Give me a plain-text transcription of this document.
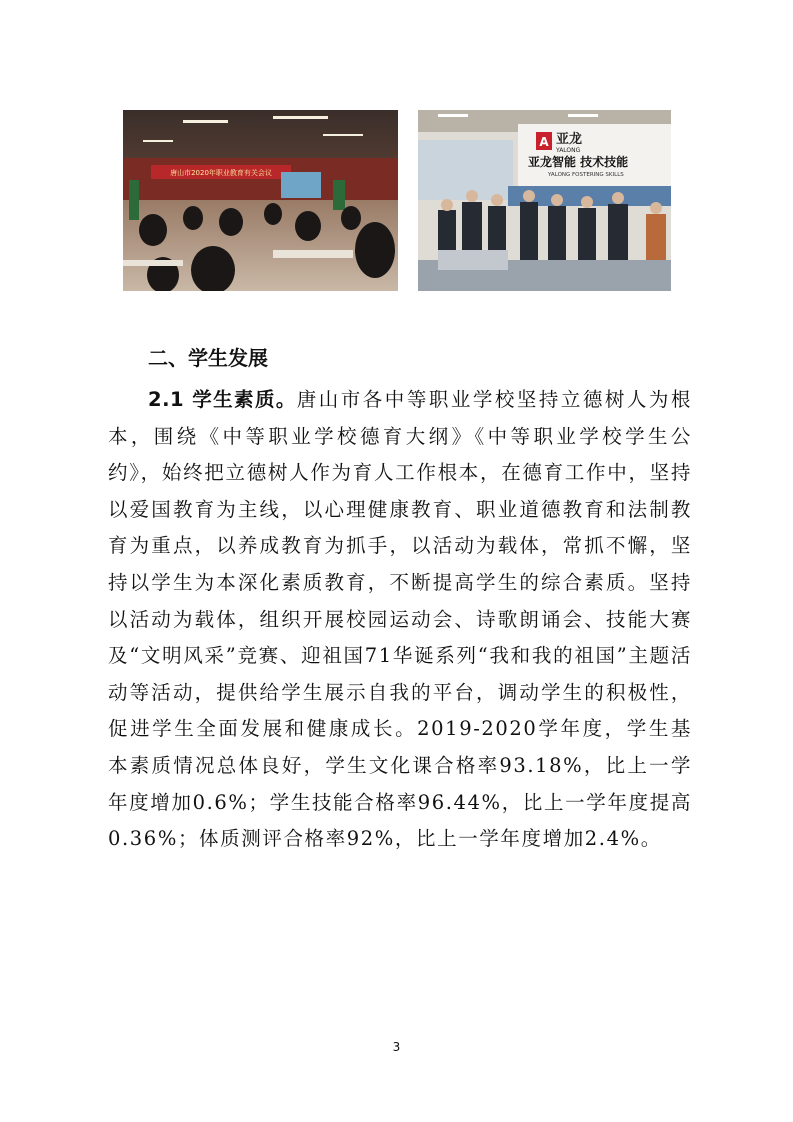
唐山市2020年职业教育有关会议
A 亚龙
YALONG
亚龙智能 技术技能
YALONG FOSTERING SKILLS
二、学生发展
2.1 学生素质。唐山市各中等职业学校坚持立德树人为根本，围绕《中等职业学校德育大纲》《中等职业学校学生公约》，始终把立德树人作为育人工作根本，在德育工作中，坚持以爱国教育为主线，以心理健康教育、职业道德教育和法制教育为重点，以养成教育为抓手，以活动为载体，常抓不懈，坚持以学生为本深化素质教育，不断提高学生的综合素质。坚持以活动为载体，组织开展校园运动会、诗歌朗诵会、技能大赛及“文明风采”竞赛、迎祖国71华诞系列“我和我的祖国”主题活动等活动，提供给学生展示自我的平台，调动学生的积极性，促进学生全面发展和健康成长。2019-2020学年度，学生基本素质情况总体良好，学生文化课合格率93.18%，比上一学年度增加0.6%；学生技能合格率96.44%，比上一学年度提高0.36%；体质测评合格率92%，比上一学年度增加2.4%。
3
